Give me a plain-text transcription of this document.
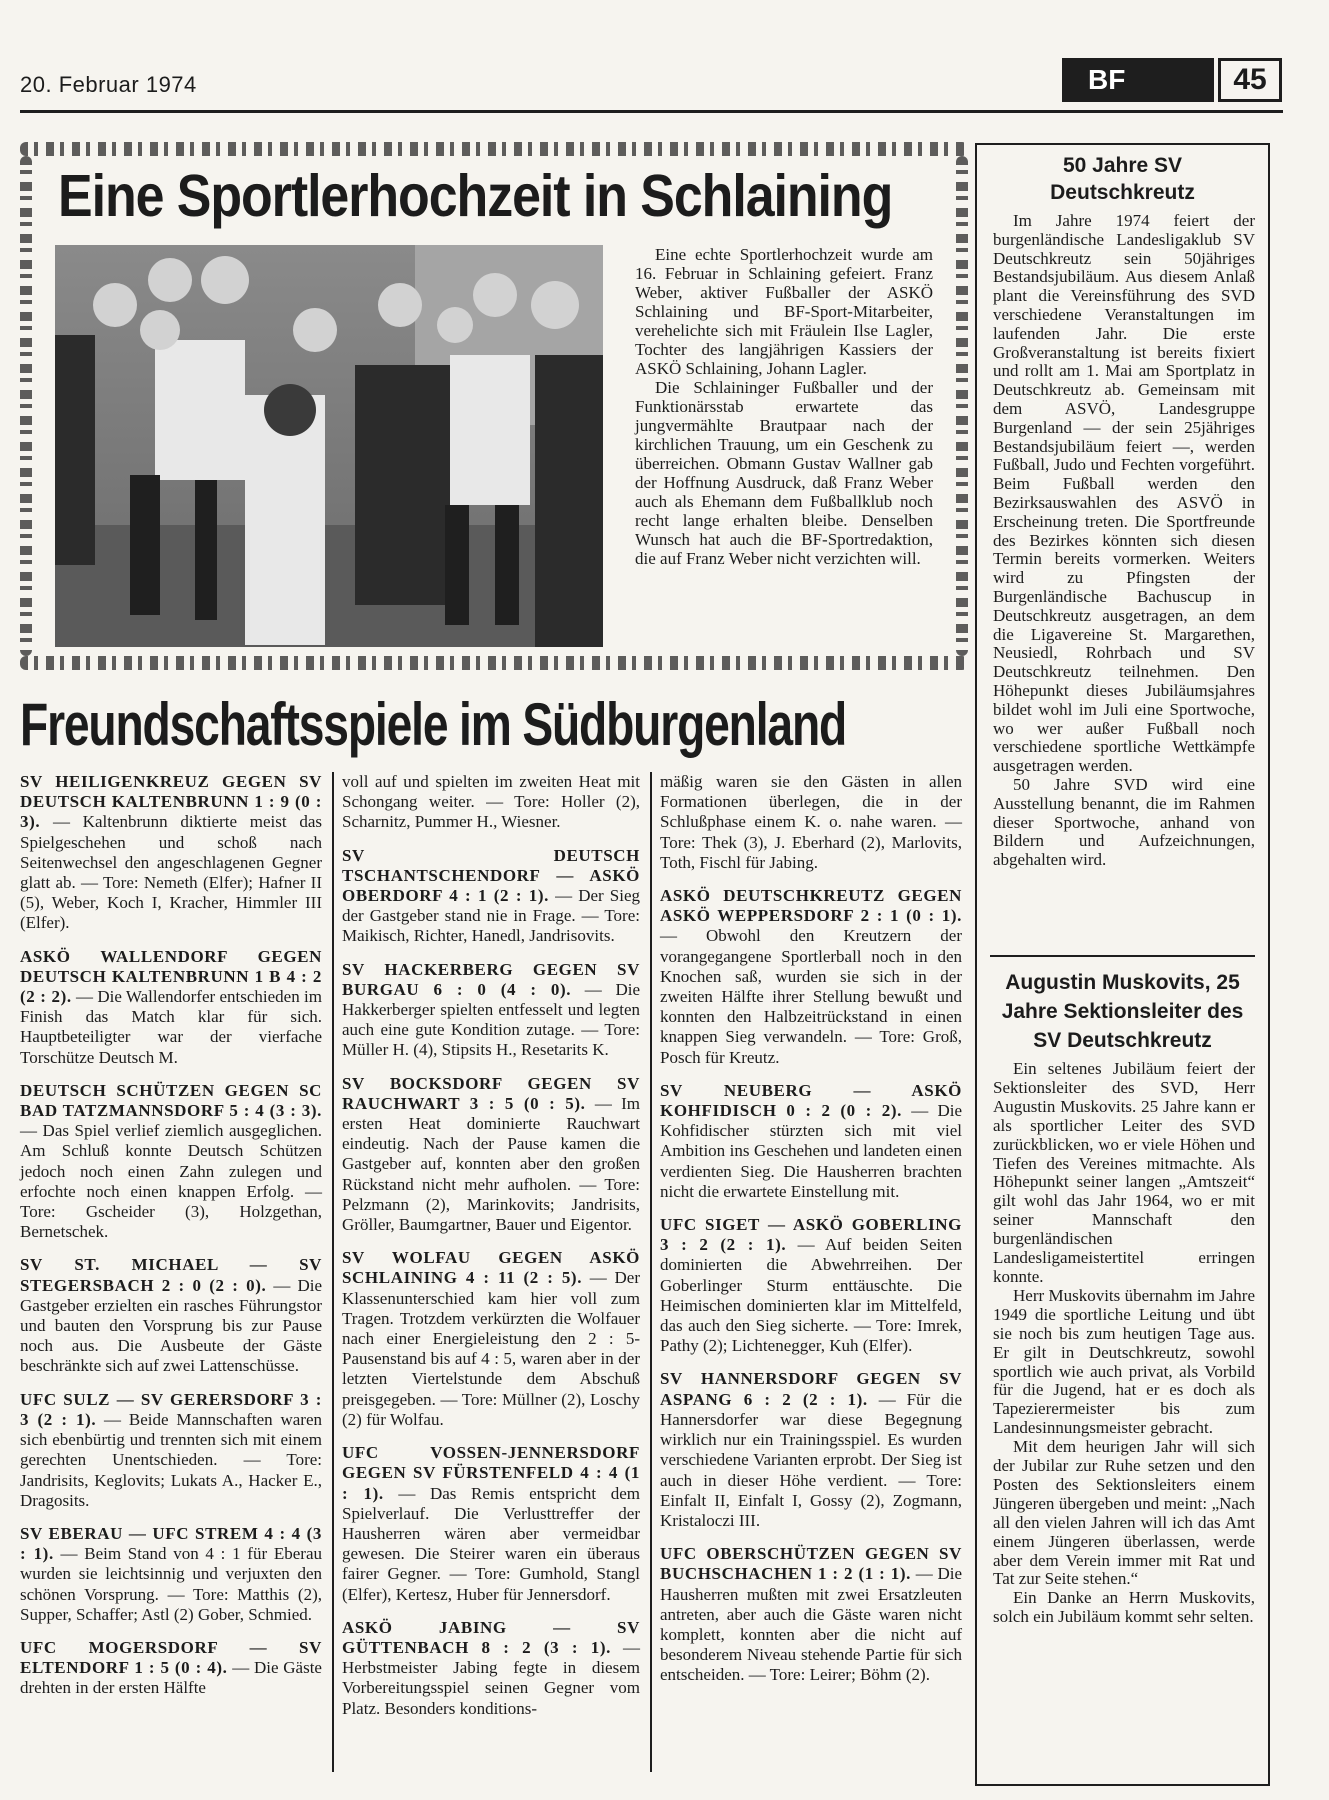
20. Februar 1974	BF	45
Eine Sportlerhochzeit in Schlaining

Eine echte Sportlerhochzeit wurde am 16. Februar in Schlaining gefeiert. Franz Weber, aktiver Fußballer der ASKÖ Schlaining und BF-Sport-Mitarbeiter, verehelichte sich mit Fräulein Ilse Lagler, Tochter des langjährigen Kassiers der ASKÖ Schlaining, Johann Lagler.

Die Schlaininger Fußballer und der Funktionärsstab erwartete das jungvermählte Brautpaar nach der kirchlichen Trauung, um ein Geschenk zu überreichen. Obmann Gustav Wallner gab der Hoffnung Ausdruck, daß Franz Weber auch als Ehemann dem Fußballklub noch recht lange erhalten bleibe. Denselben Wunsch hat auch die BF-Sportredaktion, die auf Franz Weber nicht verzichten will.

Freundschaftsspiele im Südburgenland

SV HEILIGENKREUZ GEGEN SV DEUTSCH KALTENBRUNN 1 : 9 (0 : 3). — Kaltenbrunn diktierte meist das Spielgeschehen und schoß nach Seitenwechsel den angeschlagenen Gegner glatt ab. — Tore: Nemeth (Elfer); Hafner II (5), Weber, Koch I, Kracher, Himmler III (Elfer).

ASKÖ WALLENDORF GEGEN DEUTSCH KALTENBRUNN 1 B 4 : 2 (2 : 2). — Die Wallendorfer entschieden im Finish das Match klar für sich. Hauptbeteiligter war der vierfache Torschütze Deutsch M.

DEUTSCH SCHÜTZEN GEGEN SC BAD TATZMANNSDORF 5 : 4 (3 : 3). — Das Spiel verlief ziemlich ausgeglichen. Am Schluß konnte Deutsch Schützen jedoch noch einen Zahn zulegen und erfochte noch einen knappen Erfolg. — Tore: Gscheider (3), Holzgethan, Bernetschek.

SV ST. MICHAEL — SV STEGERSBACH 2 : 0 (2 : 0). — Die Gastgeber erzielten ein rasches Führungstor und bauten den Vorsprung bis zur Pause noch aus. Die Ausbeute der Gäste beschränkte sich auf zwei Lattenschüsse.

UFC SULZ — SV GERERSDORF 3 : 3 (2 : 1). — Beide Mannschaften waren sich ebenbürtig und trennten sich mit einem gerechten Unentschieden. — Tore: Jandrisits, Keglovits; Lukats A., Hacker E., Dragosits.

SV EBERAU — UFC STREM 4 : 4 (3 : 1). — Beim Stand von 4 : 1 für Eberau wurden sie leichtsinnig und verjuxten den schönen Vorsprung. — Tore: Matthis (2), Supper, Schaffer; Astl (2) Gober, Schmied.

UFC MOGERSDORF — SV ELTENDORF 1 : 5 (0 : 4). — Die Gäste drehten in der ersten Hälfte

voll auf und spielten im zweiten Heat mit Schongang weiter. — Tore: Holler (2), Scharnitz, Pummer H., Wiesner.

SV DEUTSCH TSCHANTSCHENDORF — ASKÖ OBERDORF 4 : 1 (2 : 1). — Der Sieg der Gastgeber stand nie in Frage. — Tore: Maikisch, Richter, Hanedl, Jandrisovits.

SV HACKERBERG GEGEN SV BURGAU 6 : 0 (4 : 0). — Die Hakkerberger spielten entfesselt und legten auch eine gute Kondition zutage. — Tore: Müller H. (4), Stipsits H., Resetarits K.

SV BOCKSDORF GEGEN SV RAUCHWART 3 : 5 (0 : 5). — Im ersten Heat dominierte Rauchwart eindeutig. Nach der Pause kamen die Gastgeber auf, konnten aber den großen Rückstand nicht mehr aufholen. — Tore: Pelzmann (2), Marinkovits; Jandrisits, Gröller, Baumgartner, Bauer und Eigentor.

SV WOLFAU GEGEN ASKÖ SCHLAINING 4 : 11 (2 : 5). — Der Klassenunterschied kam hier voll zum Tragen. Trotzdem verkürzten die Wolfauer nach einer Energieleistung den 2 : 5-Pausenstand bis auf 4 : 5, waren aber in der letzten Viertelstunde dem Abschuß preisgegeben. — Tore: Müllner (2), Loschy (2) für Wolfau.

UFC VOSSEN-JENNERSDORF GEGEN SV FÜRSTENFELD 4 : 4 (1 : 1). — Das Remis entspricht dem Spielverlauf. Die Verlusttreffer der Hausherren wären aber vermeidbar gewesen. Die Steirer waren ein überaus fairer Gegner. — Tore: Gumhold, Stangl (Elfer), Kertesz, Huber für Jennersdorf.

ASKÖ JABING — SV GÜTTENBACH 8 : 2 (3 : 1). — Herbstmeister Jabing fegte in diesem Vorbereitungsspiel seinen Gegner vom Platz. Besonders konditions-

mäßig waren sie den Gästen in allen Formationen überlegen, die in der Schlußphase einem K. o. nahe waren. — Tore: Thek (3), J. Eberhard (2), Marlovits, Toth, Fischl für Jabing.

ASKÖ DEUTSCHKREUTZ GEGEN ASKÖ WEPPERSDORF 2 : 1 (0 : 1). — Obwohl den Kreutzern der vorangegangene Sportlerball noch in den Knochen saß, wurden sie sich in der zweiten Hälfte ihrer Stellung bewußt und konnten den Halbzeitrückstand in einen knappen Sieg verwandeln. — Tore: Groß, Posch für Kreutz.

SV NEUBERG — ASKÖ KOHFIDISCH 0 : 2 (0 : 2). — Die Kohfidischer stürzten sich mit viel Ambition ins Geschehen und landeten einen verdienten Sieg. Die Hausherren brachten nicht die erwartete Einstellung mit.

UFC SIGET — ASKÖ GOBERLING 3 : 2 (2 : 1). — Auf beiden Seiten dominierten die Abwehrreihen. Der Goberlinger Sturm enttäuschte. Die Heimischen dominierten klar im Mittelfeld, das auch den Sieg sicherte. — Tore: Imrek, Pathy (2); Lichtenegger, Kuh (Elfer).

SV HANNERSDORF GEGEN SV ASPANG 6 : 2 (2 : 1). — Für die Hannersdorfer war diese Begegnung wirklich nur ein Trainingsspiel. Es wurden verschiedene Varianten erprobt. Der Sieg ist auch in dieser Höhe verdient. — Tore: Einfalt II, Einfalt I, Gossy (2), Zogmann, Kristaloczi III.

UFC OBERSCHÜTZEN GEGEN SV BUCHSCHACHEN 1 : 2 (1 : 1). — Die Hausherren mußten mit zwei Ersatzleuten antreten, aber auch die Gäste waren nicht komplett, konnten aber die nicht auf besonderem Niveau stehende Partie für sich entscheiden. — Tore: Leirer; Böhm (2).

50 Jahre SV Deutschkreutz

Im Jahre 1974 feiert der burgenländische Landesligaklub SV Deutschkreutz sein 50jähriges Bestandsjubiläum. Aus diesem Anlaß plant die Vereinsführung des SVD verschiedene Veranstaltungen im laufenden Jahr. Die erste Großveranstaltung ist bereits fixiert und rollt am 1. Mai am Sportplatz in Deutschkreutz ab. Gemeinsam mit dem ASVÖ, Landesgruppe Burgenland — der sein 25jähriges Bestandsjubiläum feiert —, werden Fußball, Judo und Fechten vorgeführt. Beim Fußball werden den Bezirksauswahlen des ASVÖ in Erscheinung treten. Die Sportfreunde des Bezirkes könnten sich diesen Termin bereits vormerken. Weiters wird zu Pfingsten der Burgenländische Bachuscup in Deutschkreutz ausgetragen, an dem die Ligavereine St. Margarethen, Neusiedl, Rohrbach und SV Deutschkreutz teilnehmen. Den Höhepunkt dieses Jubiläumsjahres bildet wohl im Juli eine Sportwoche, wo wer außer Fußball noch verschiedene sportliche Wettkämpfe ausgetragen werden.

50 Jahre SVD wird eine Ausstellung benannt, die im Rahmen dieser Sportwoche, anhand von Bildern und Aufzeichnungen, abgehalten wird.

Augustin Muskovits, 25 Jahre Sektionsleiter des SV Deutschkreutz

Ein seltenes Jubiläum feiert der Sektionsleiter des SVD, Herr Augustin Muskovits. 25 Jahre kann er als sportlicher Leiter des SVD zurückblicken, wo er viele Höhen und Tiefen des Vereines mitmachte. Als Höhepunkt seiner langen „Amtszeit“ gilt wohl das Jahr 1964, wo er mit seiner Mannschaft den burgenländischen Landesligameistertitel erringen konnte.

Herr Muskovits übernahm im Jahre 1949 die sportliche Leitung und übt sie noch bis zum heutigen Tage aus. Er gilt in Deutschkreutz, sowohl sportlich wie auch privat, als Vorbild für die Jugend, hat er es doch als Tapezierermeister bis zum Landesinnungsmeister gebracht.

Mit dem heurigen Jahr will sich der Jubilar zur Ruhe setzen und den Posten des Sektionsleiters einem Jüngeren übergeben und meint: „Nach all den vielen Jahren will ich das Amt einem Jüngeren überlassen, werde aber dem Verein immer mit Rat und Tat zur Seite stehen.“

Ein Danke an Herrn Muskovits, solch ein Jubiläum kommt sehr selten.
